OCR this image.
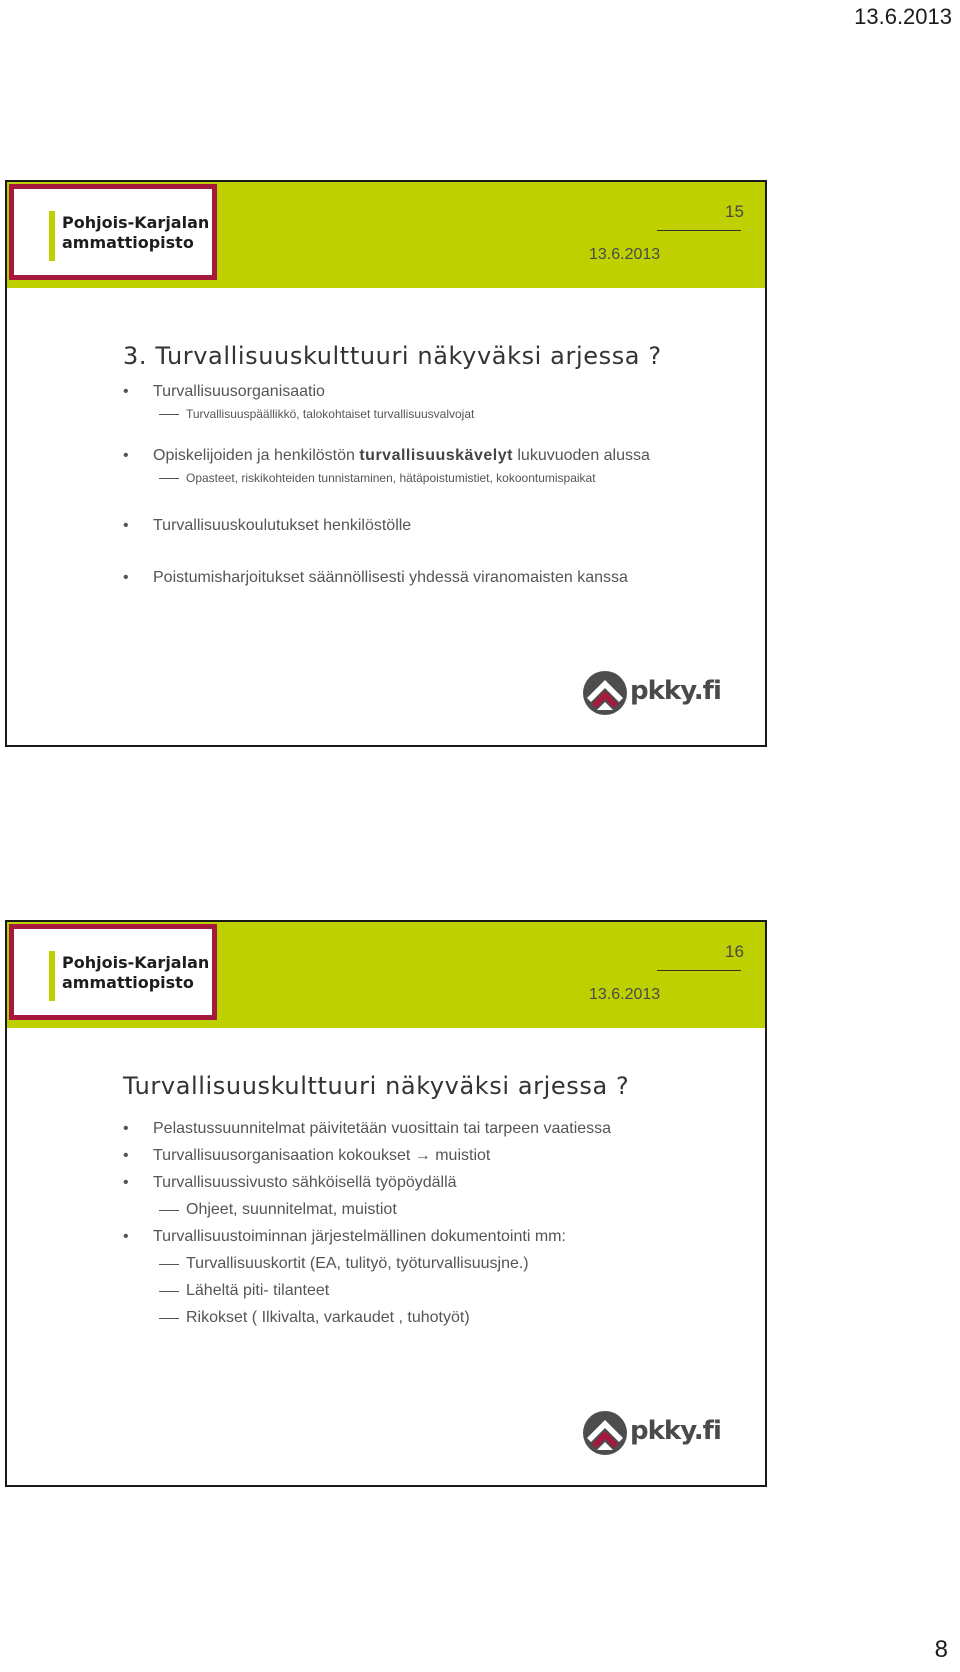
13.6.2013
Pohjois-Karjalan
ammattiopisto
15
13.6.2013
3. Turvallisuuskulttuuri näkyväksi arjessa ?
• Turvallisuusorganisaatio
Turvallisuuspäällikkö, talokohtaiset turvallisuusvalvojat
• Opiskelijoiden ja henkilöstön turvallisuuskävelyt lukuvuoden alussa
Opasteet, riskikohteiden tunnistaminen, hätäpoistumistiet, kokoontumispaikat
• Turvallisuuskoulutukset henkilöstölle
• Poistumisharjoitukset säännöllisesti yhdessä viranomaisten kanssa
pkky.fi
Pohjois-Karjalan
ammattiopisto
16
13.6.2013
Turvallisuuskulttuuri näkyväksi arjessa ?
• Pelastussuunnitelmat päivitetään vuosittain tai tarpeen vaatiessa
• Turvallisuusorganisaation kokoukset → muistiot
• Turvallisuussivusto sähköisellä työpöydällä
Ohjeet, suunnitelmat, muistiot
• Turvallisuustoiminnan järjestelmällinen dokumentointi mm:
Turvallisuuskortit (EA, tulityö, työturvallisuusjne.)
Läheltä piti- tilanteet
Rikokset ( Ilkivalta, varkaudet , tuhotyöt)
pkky.fi
8
